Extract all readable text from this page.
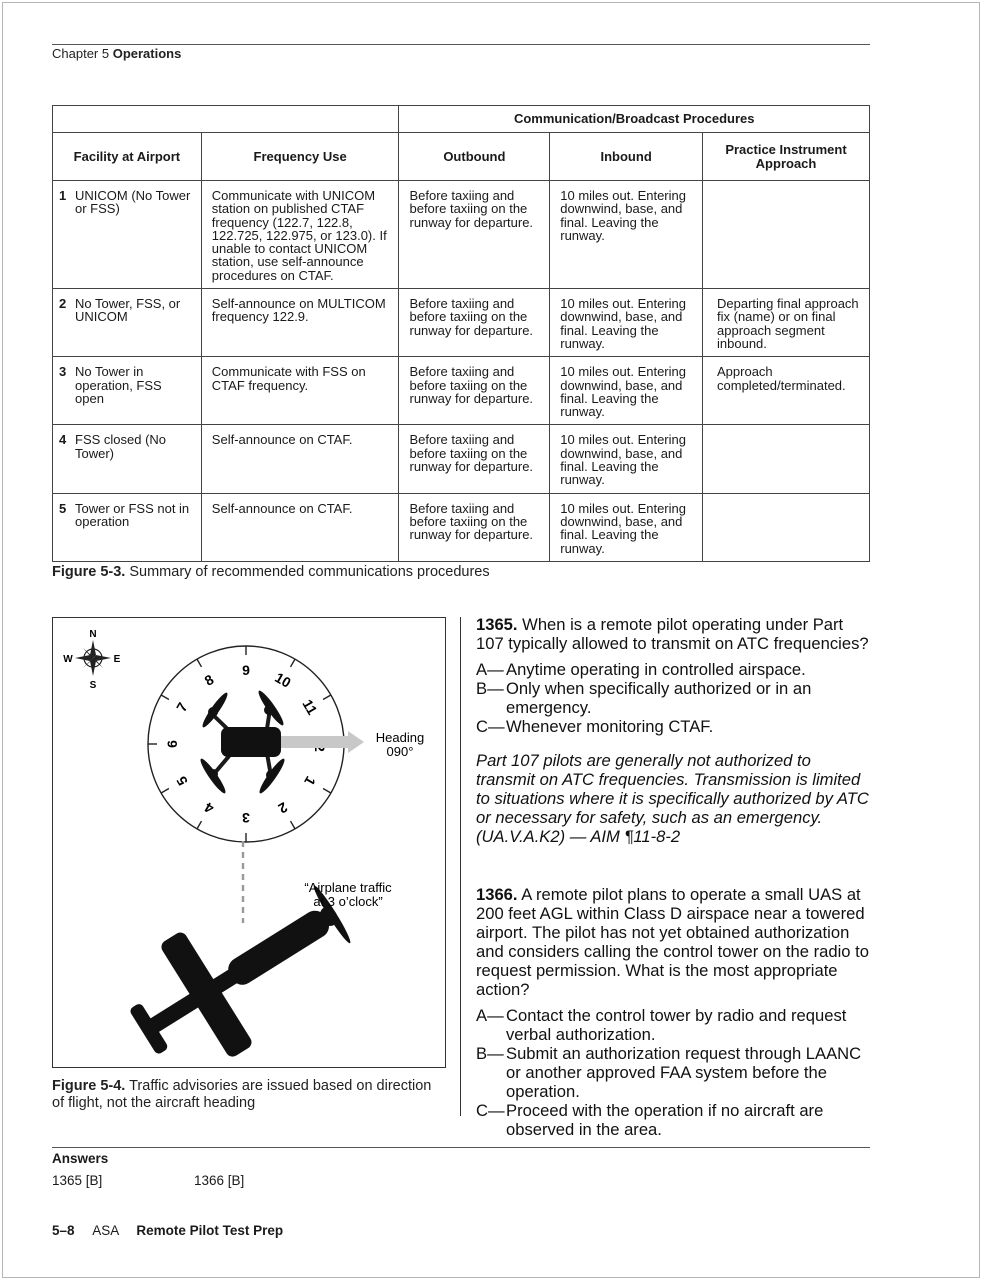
Chapter 5 Operations
		Communication/Broadcast Procedures		
Facility at Airport	Frequency Use	Outbound	Inbound	Practice Instrument Approach

1 UNICOM (No Tower or FSS)	Communicate with UNICOM station on published CTAF frequency (122.7, 122.8, 122.725, 122.975, or 123.0). If unable to contact UNICOM station, use self-announce procedures on CTAF.	Before taxiing and before taxiing on the runway for departure.	10 miles out. Entering downwind, base, and final. Leaving the runway.	

2 No Tower, FSS, or UNICOM	Self-announce on MULTICOM frequency 122.9.	Before taxiing and before taxiing on the runway for departure.	10 miles out. Entering downwind, base, and final. Leaving the runway.	Departing final approach fix (name) or on final approach segment inbound.

3 No Tower in operation, FSS open	Communicate with FSS on CTAF frequency.	Before taxiing and before taxiing on the runway for departure.	10 miles out. Entering downwind, base, and final. Leaving the runway.	Approach completed/terminated.

4 FSS closed (No Tower)	Self-announce on CTAF.	Before taxiing and before taxiing on the runway for departure.	10 miles out. Entering downwind, base, and final. Leaving the runway.	

5 Tower or FSS not in operation	Self-announce on CTAF.	Before taxiing and before taxiing on the runway for departure.	10 miles out. Entering downwind, base, and final. Leaving the runway.	

Figure 5-3. Summary of recommended communications procedures
N
S
W	E
1
2
3
4
5
6
7
8
9 10
11
Heading
090°
“Airplane traffic
at 3 o’clock”
Figure 5-4. Traffic advisories are issued based on direction of flight, not the aircraft heading
1365. When is a remote pilot operating under Part 107 typically allowed to transmit on ATC frequencies?
A— Anytime operating in controlled airspace.
B— Only when specifically authorized or in an emergency.
C— Whenever monitoring CTAF.
Part 107 pilots are generally not authorized to transmit on ATC frequencies. Transmission is limited to situations where it is specifically authorized by ATC or necessary for safety, such as an emergency. (UA.V.A.K2) — AIM ¶11-8-2
1366. A remote pilot plans to operate a small UAS at 200 feet AGL within Class D airspace near a towered airport. The pilot has not yet obtained authorization and considers calling the control tower on the radio to request permission. What is the most appropriate action?
A— Contact the control tower by radio and request verbal authorization.
B— Submit an authorization request through LAANC or another approved FAA system before the operation.
C— Proceed with the operation if no aircraft are observed in the area.
Answers
1365 [B]	1366 [B]
5–8 ASA Remote Pilot Test Prep
